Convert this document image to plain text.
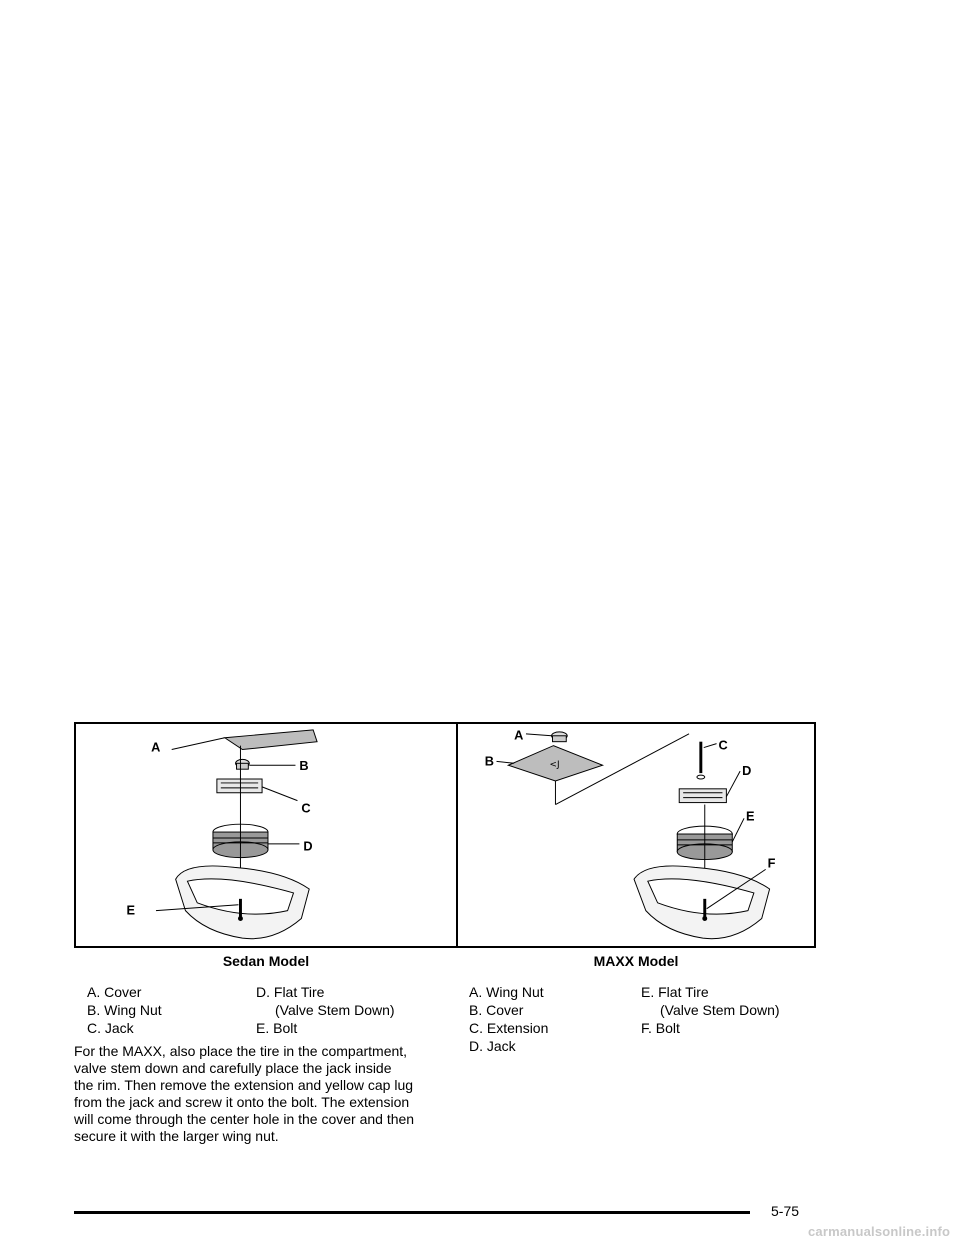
A
B
C
D
E
<J
A
B
C
D
E
F
Sedan Model	MAXX Model
A. Cover
B. Wing Nut
C. Jack
D. Flat Tire
(Valve Stem Down)
E. Bolt
A. Wing Nut
B. Cover
C. Extension
D. Jack
E. Flat Tire
(Valve Stem Down)
F. Bolt
For the MAXX, also place the tire in the compartment,
valve stem down and carefully place the jack inside
the rim. Then remove the extension and yellow cap lug
from the jack and screw it onto the bolt. The extension
will come through the center hole in the cover and then
secure it with the larger wing nut.
5-75
carmanualsonline.info
